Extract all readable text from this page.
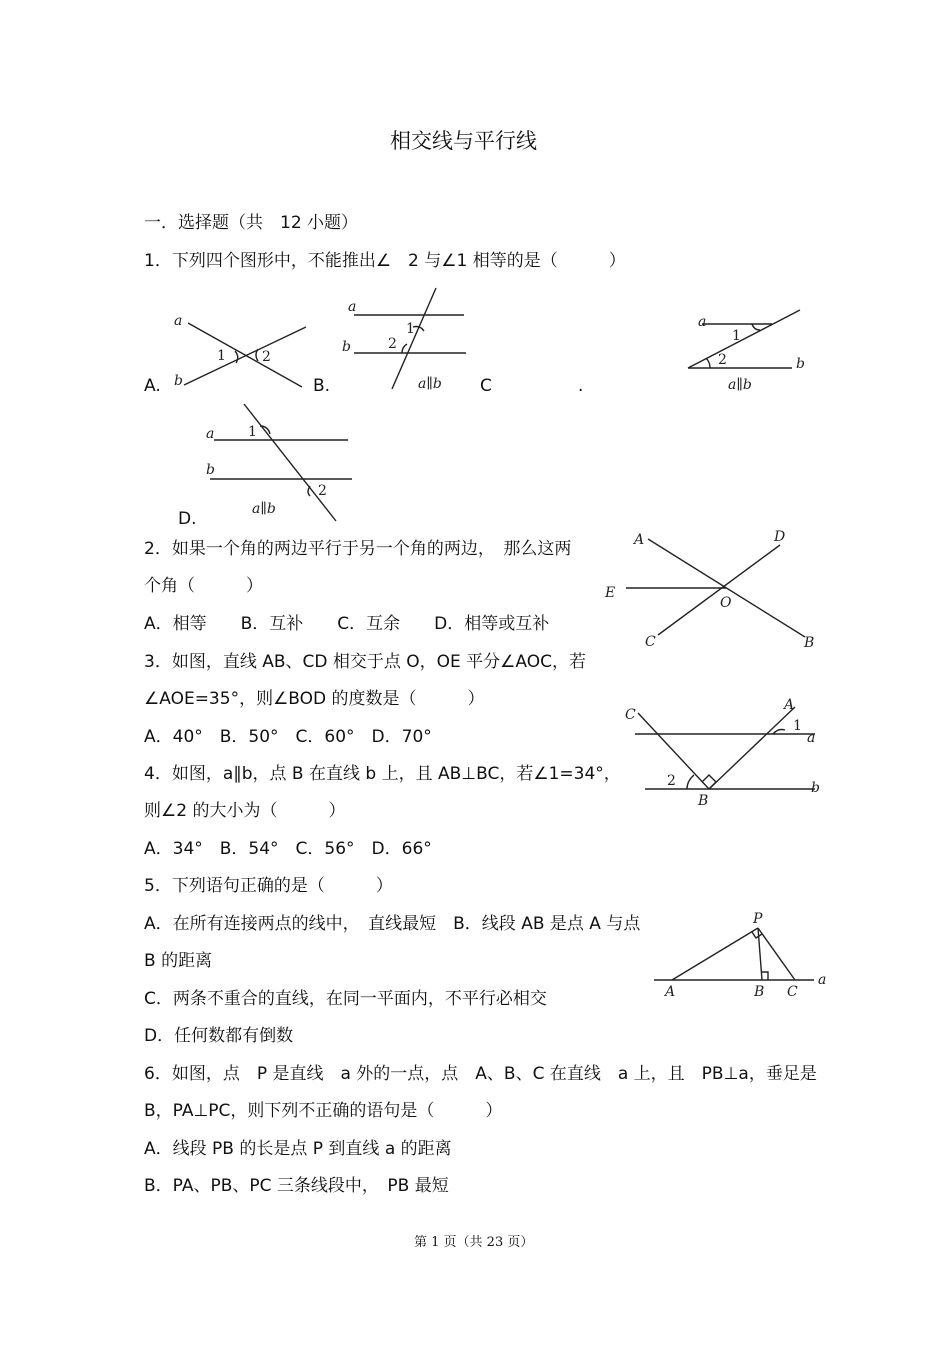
相交线与平行线
一．选择题（共　12 小题）
1．下列四个图形中，不能推出∠　2 与∠1 相等的是（　　　）
a
b
1	2
A.
a
b
1
2
a∥b
B.	C	.
a
b
1
2
a∥b
a
b
1
2
a∥b
D.
2．如果一个角的两边平行于另一个角的两边，　那么这两
个角（　　　）
A．相等　　B．互补　　C．互余　　D．相等或互补
A
B
C
D
E
O
3．如图，直线 AB、CD 相交于点 O，OE 平分∠AOC，若
∠AOE=35°，则∠BOD 的度数是（　　　）
A．40°　B．50°　C．60°　D．70°
C
A
B
a
b
1
2
4．如图，a∥b，点 B 在直线 b 上，且 AB⊥BC，若∠1=34°，
则∠2 的大小为（　　　）
A．34°　B．54°　C．56°　D．66°
5．下列语句正确的是（　　　）
A．在所有连接两点的线中，　直线最短　B．线段 AB 是点 A 与点
B 的距离
C．两条不重合的直线，在同一平面内，不平行必相交
D．任何数都有倒数
P
A	B C
a
6．如图，点　P 是直线　a 外的一点，点　A、B、C 在直线　a 上，且　PB⊥a，垂足是
B，PA⊥PC，则下列不正确的语句是（　　　）
A．线段 PB 的长是点 P 到直线 a 的距离
B．PA、PB、PC 三条线段中，　PB 最短
第 1 页（共 23 页）
